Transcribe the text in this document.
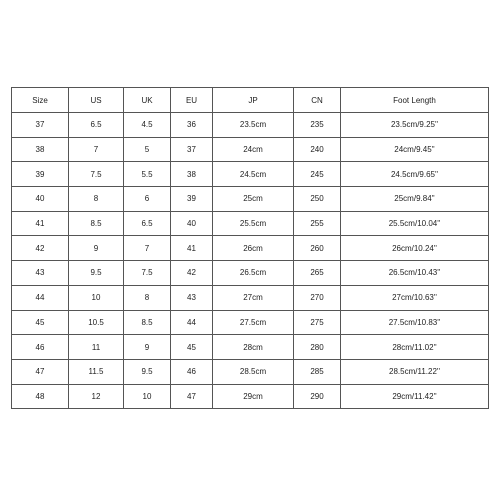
Size	US	UK	EU	JP	CN	Foot Length
37	6.5	4.5	36	23.5cm	235	23.5cm/9.25''
38	7	5	37	24cm	240	24cm/9.45''
39	7.5	5.5	38	24.5cm	245	24.5cm/9.65''
40	8	6	39	25cm	250	25cm/9.84''
41	8.5	6.5	40	25.5cm	255	25.5cm/10.04''
42	9	7	41	26cm	260	26cm/10.24''
43	9.5	7.5	42	26.5cm	265	26.5cm/10.43''
44	10	8	43	27cm	270	27cm/10.63''
45	10.5	8.5	44	27.5cm	275	27.5cm/10.83''
46	11	9	45	28cm	280	28cm/11.02''
47	11.5	9.5	46	28.5cm	285	28.5cm/11.22''
48	12	10	47	29cm	290	29cm/11.42''
